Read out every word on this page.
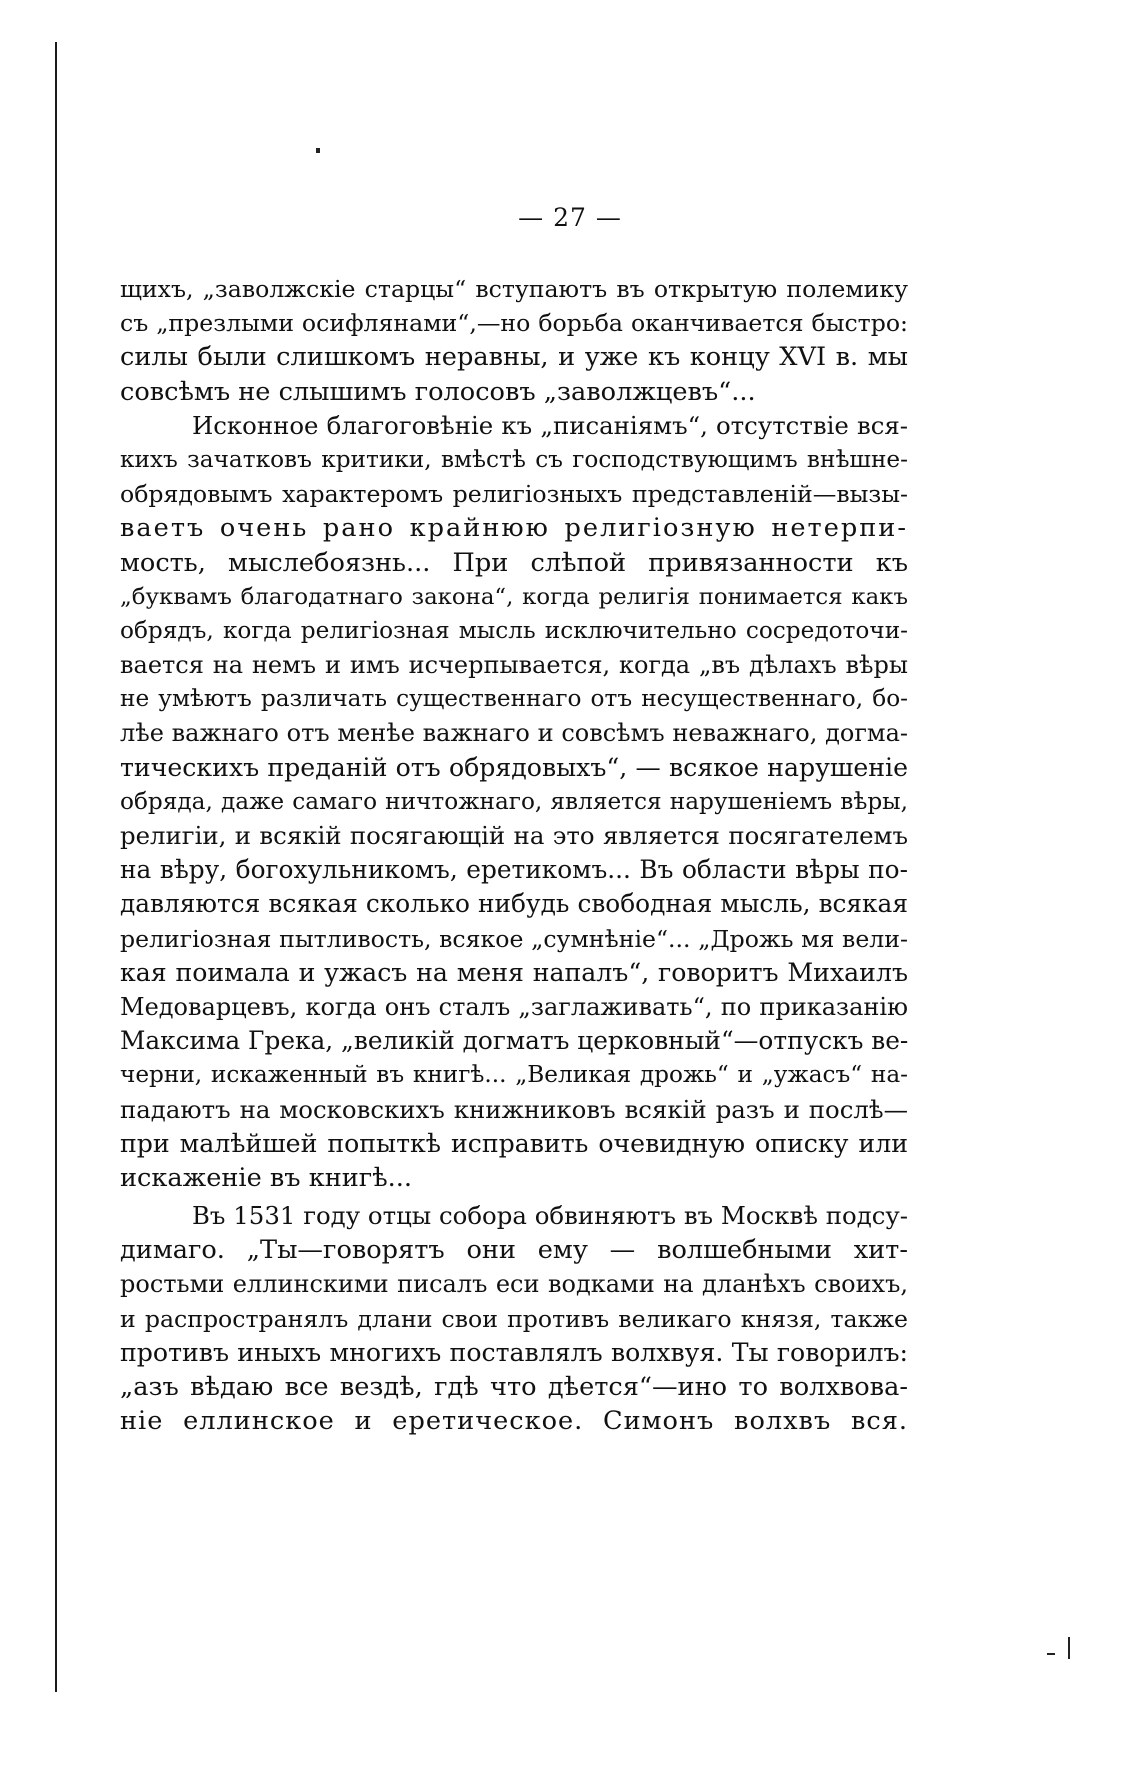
— 27 —
щихъ, „заволжскіе старцы“ вступаютъ въ открытую полемику
съ „презлыми осифлянами“,—но борьба оканчивается быстро:
силы были слишкомъ неравны, и уже къ концу XVI в. мы
совсѣмъ не слышимъ голосовъ „заволжцевъ“...
Исконное благоговѣніе къ „писаніямъ“, отсутствіе вся-
кихъ зачатковъ критики, вмѣстѣ съ господствующимъ внѣшне-
обрядовымъ характеромъ религіозныхъ представленій—вызы-
ваетъ очень рано крайнюю религіозную нетерпи-
мость, мыслебоязнь... При слѣпой привязанности къ
„буквамъ благодатнаго закона“, когда религія понимается какъ
обрядъ, когда религіозная мысль исключительно сосредоточи-
вается на немъ и имъ исчерпывается, когда „въ дѣлахъ вѣры
не умѣютъ различать существеннаго отъ несущественнаго, бо-
лѣе важнаго отъ менѣе важнаго и совсѣмъ неважнаго, догма-
тическихъ преданій отъ обрядовыхъ“, — всякое нарушеніе
обряда, даже самаго ничтожнаго, является нарушеніемъ вѣры,
религіи, и всякій посягающій на это является посягателемъ
на вѣру, богохульникомъ, еретикомъ... Въ области вѣры по-
давляются всякая сколько нибудь свободная мысль, всякая
религіозная пытливость, всякое „сумнѣніе“... „Дрожь мя вели-
кая поимала и ужасъ на меня напалъ“, говоритъ Михаилъ
Медоварцевъ, когда онъ сталъ „заглаживать“, по приказанію
Максима Грека, „великій догматъ церковный“—отпускъ ве-
черни, искаженный въ книгѣ... „Великая дрожь“ и „ужасъ“ на-
падаютъ на московскихъ книжниковъ всякій разъ и послѣ—
при малѣйшей попыткѣ исправить очевидную описку или
искаженіе въ книгѣ...
Въ 1531 году отцы собора обвиняютъ въ Москвѣ подсу-
димаго. „Ты—говорятъ они ему — волшебными хит-
ростьми еллинскими писалъ еси водками на дланѣхъ своихъ,
и распространялъ длани свои противъ великаго князя, также
противъ иныхъ многихъ поставлялъ волхвуя. Ты говорилъ:
„азъ вѣдаю все вездѣ, гдѣ что дѣется“—ино то волхвова-
ніе еллинское и еретическое. Симонъ волхвъ вся.
